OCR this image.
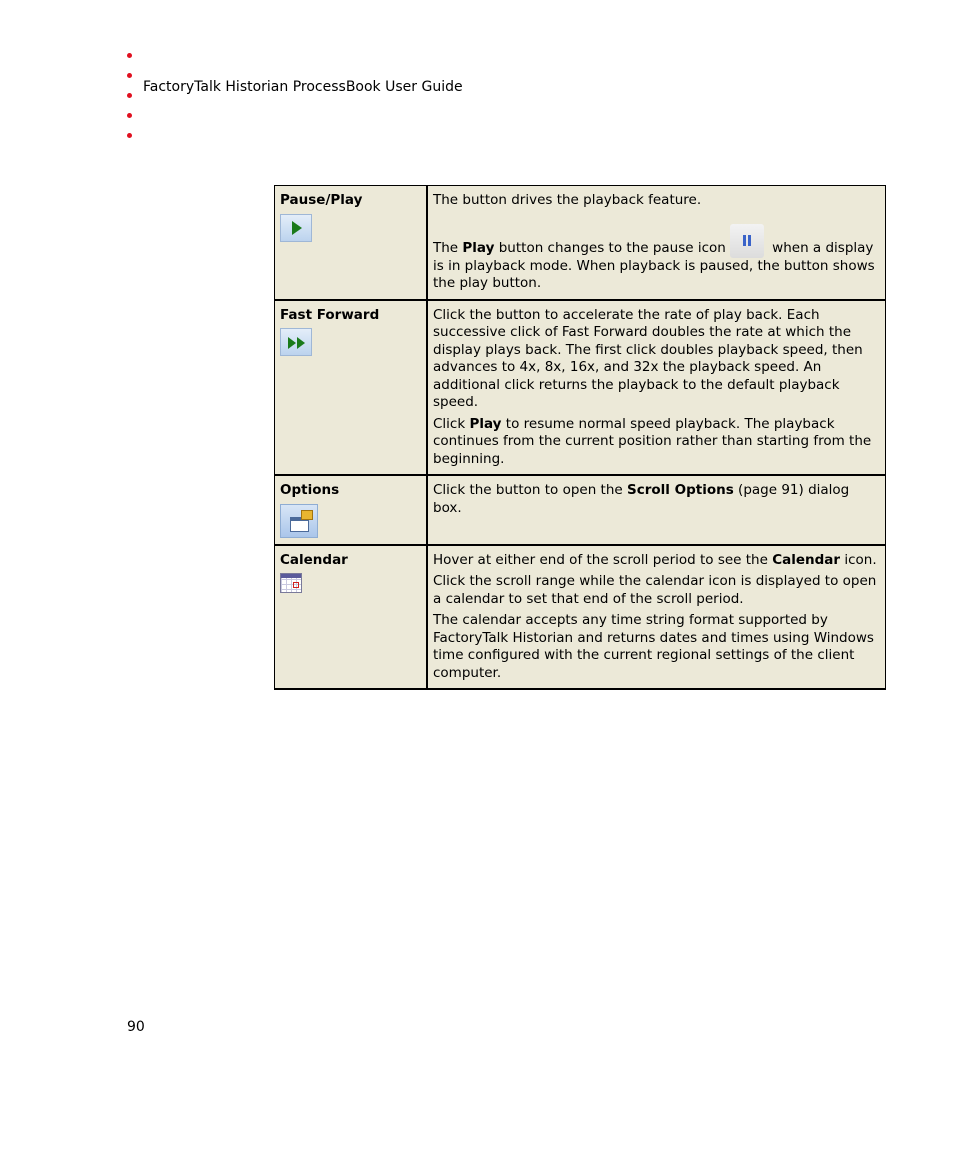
FactoryTalk Historian ProcessBook User Guide
Pause/Play	The button drives the playback feature.

The Play button changes to the pause icon when a display is in playback mode. When playback is paused, the button shows the play button.

Fast Forward	Click the button to accelerate the rate of play back. Each successive click of Fast Forward doubles the rate at which the display plays back. The first click doubles playback speed, then advances to 4x, 8x, 16x, and 32x the playback speed. An additional click returns the playback to the default playback speed.

Click Play to resume normal speed playback. The playback continues from the current position rather than starting from the beginning.

Options	Click the button to open the Scroll Options (page 91) dialog box.

Calendar	Hover at either end of the scroll period to see the Calendar icon.

Click the scroll range while the calendar icon is displayed to open a calendar to set that end of the scroll period.

The calendar accepts any time string format supported by FactoryTalk Historian and returns dates and times using Windows time configured with the current regional settings of the client computer.

90
